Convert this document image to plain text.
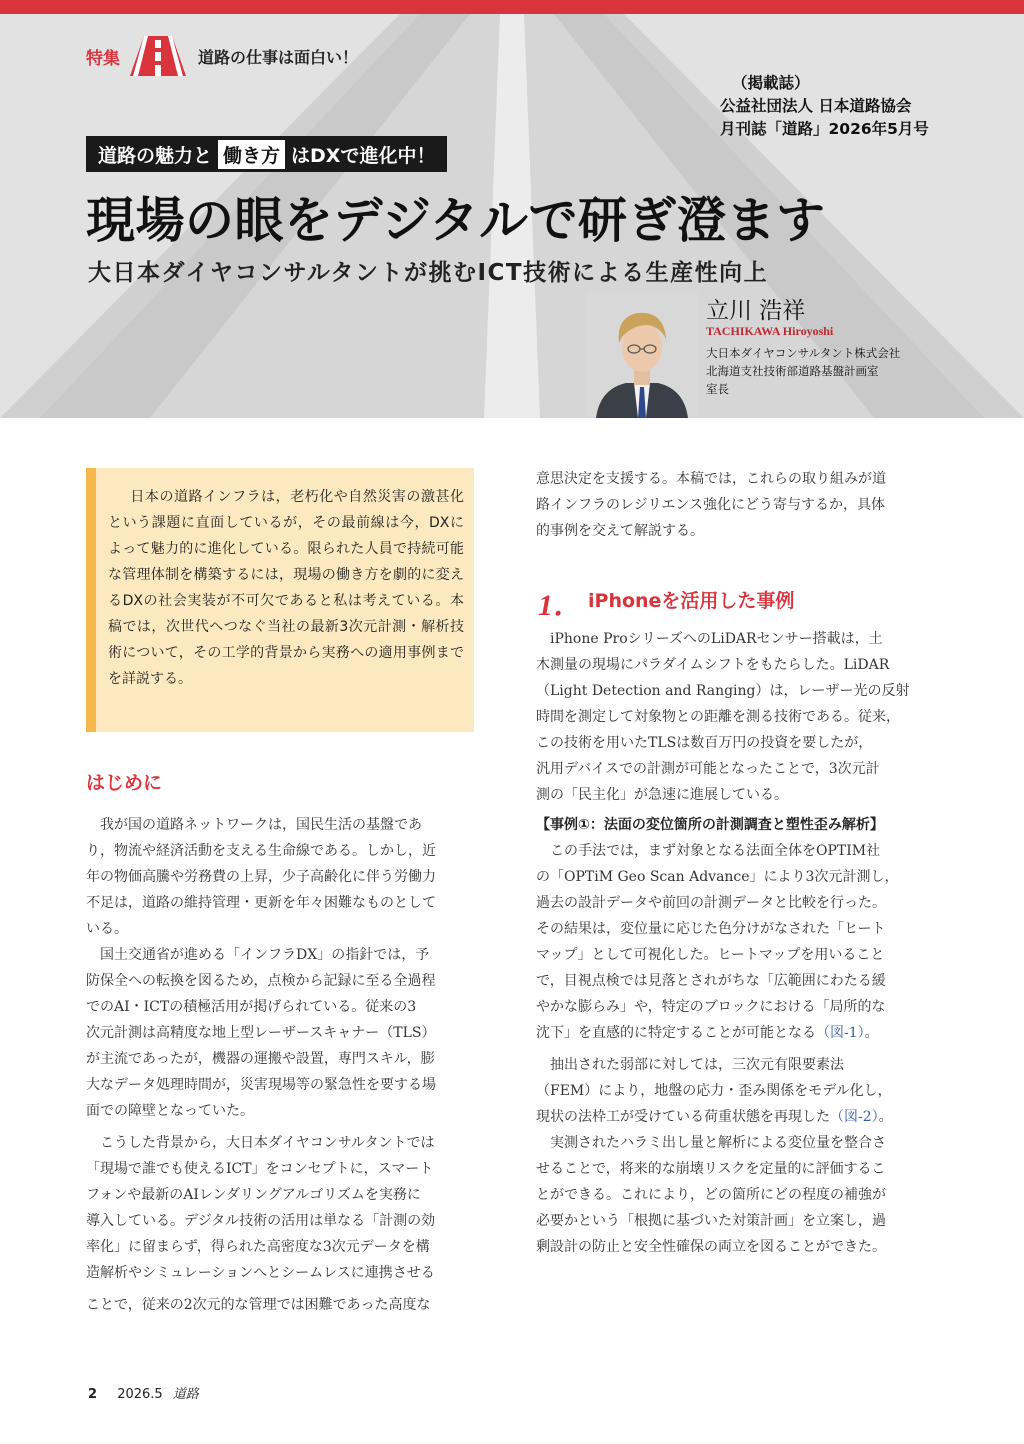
特集	道路の仕事は面白い！
（掲載誌）
公益社団法人 日本道路協会
月刊誌「道路」2026年5月号
道路の魅力と 働き方 はDXで進化中！
現場の眼をデジタルで研ぎ澄ます
大日本ダイヤコンサルタントが挑むICT技術による生産性向上
立川 浩祥
TACHIKAWA Hiroyoshi
大日本ダイヤコンサルタント株式会社
北海道支社技術部道路基盤計画室
室長
日本の道路インフラは，老朽化や自然災害の激甚化という課題に直面しているが，その最前線は今，DXによって魅力的に進化している。限られた人員で持続可能な管理体制を構築するには，現場の働き方を劇的に変えるDXの社会実装が不可欠であると私は考えている。本稿では，次世代へつなぐ当社の最新3次元計測・解析技術について，その工学的背景から実務への適用事例までを詳説する。
はじめに
　我が国の道路ネットワークは，国民生活の基盤であ
り，物流や経済活動を支える生命線である。しかし，近
年の物価高騰や労務費の上昇，少子高齢化に伴う労働力
不足は，道路の維持管理・更新を年々困難なものとして
いる。
　国土交通省が進める「インフラDX」の指針では，予
防保全への転換を図るため，点検から記録に至る全過程
でのAI・ICTの積極活用が掲げられている。従来の3
次元計測は高精度な地上型レーザースキャナー（TLS）
が主流であったが，機器の運搬や設置，専門スキル，膨
大なデータ処理時間が，災害現場等の緊急性を要する場
面での障壁となっていた。
　こうした背景から，大日本ダイヤコンサルタントでは
「現場で誰でも使えるICT」をコンセプトに，スマート
フォンや最新のAIレンダリングアルゴリズムを実務に
導入している。デジタル技術の活用は単なる「計測の効
率化」に留まらず，得られた高密度な3次元データを構
造解析やシミュレーションへとシームレスに連携させる
ことで，従来の2次元的な管理では困難であった高度な
意思決定を支援する。本稿では，これらの取り組みが道
路インフラのレジリエンス強化にどう寄与するか，具体
的事例を交えて解説する。
1． iPhoneを活用した事例
　iPhone ProシリーズへのLiDARセンサー搭載は，土
木測量の現場にパラダイムシフトをもたらした。LiDAR
（Light Detection and Ranging）は，レーザー光の反射
時間を測定して対象物との距離を測る技術である。従来，
この技術を用いたTLSは数百万円の投資を要したが，
汎用デバイスでの計測が可能となったことで，3次元計
測の「民主化」が急速に進展している。
【事例①：法面の変位箇所の計測調査と塑性歪み解析】
　この手法では，まず対象となる法面全体をOPTIM社
の「OPTiM Geo Scan Advance」により3次元計測し，
過去の設計データや前回の計測データと比較を行った。
その結果は，変位量に応じた色分けがなされた「ヒート
マップ」として可視化した。ヒートマップを用いること
で，目視点検では見落とされがちな「広範囲にわたる緩
やかな膨らみ」や，特定のブロックにおける「局所的な
沈下」を直感的に特定することが可能となる（図-1）。
　抽出された弱部に対しては，三次元有限要素法
（FEM）により，地盤の応力・歪み関係をモデル化し，
現状の法枠工が受けている荷重状態を再現した（図-2）。
　実測されたハラミ出し量と解析による変位量を整合さ
せることで，将来的な崩壊リスクを定量的に評価するこ
とができる。これにより，どの箇所にどの程度の補強が
必要かという「根拠に基づいた対策計画」を立案し，過
剰設計の防止と安全性確保の両立を図ることができた。
2 2026.5 道路
